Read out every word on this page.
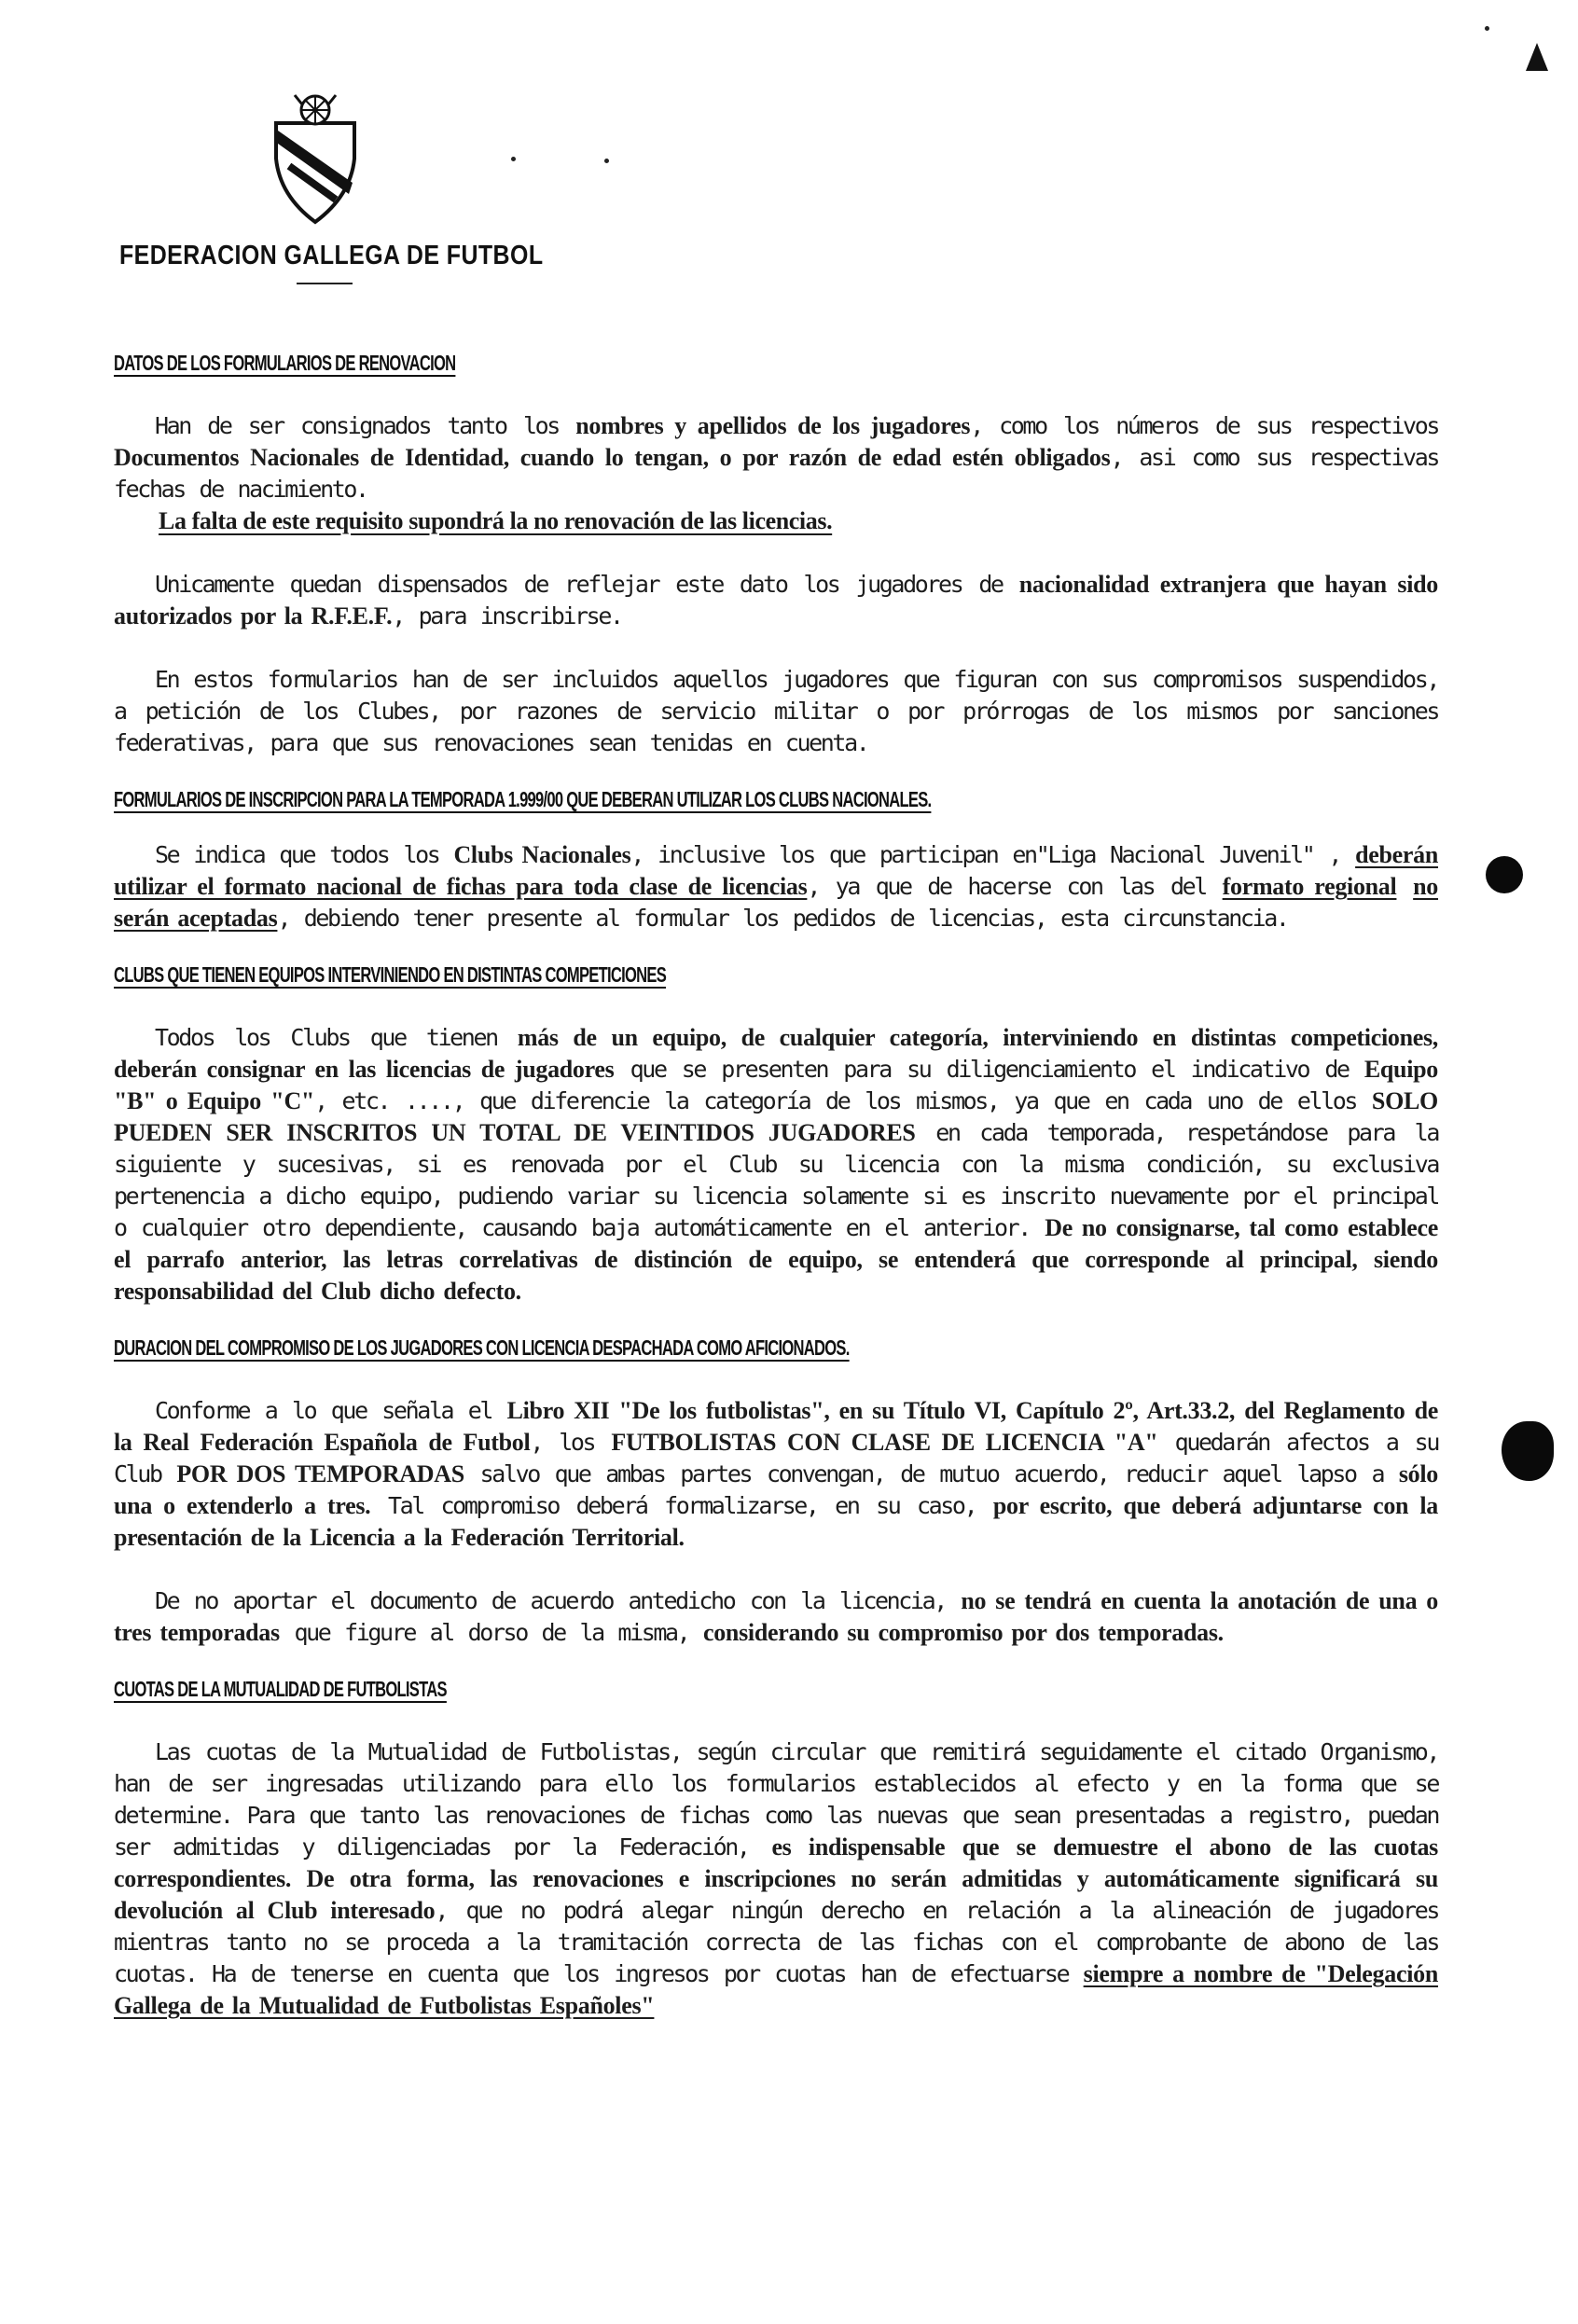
FEDERACION GALLEGA DE FUTBOL
DATOS DE LOS FORMULARIOS DE RENOVACION

Han de ser consignados tanto los nombres y apellidos de los jugadores, como los números de sus respectivos Documentos Nacionales de Identidad, cuando lo tengan, o por razón de edad estén obligados, asi como sus respectivas fechas de nacimiento.

La falta de este requisito supondrá la no renovación de las licencias.

Unicamente quedan dispensados de reflejar este dato los jugadores de nacionalidad extranjera que hayan sido autorizados por la R.F.E.F., para inscribirse.

En estos formularios han de ser incluidos aquellos jugadores que figuran con sus compromisos suspendidos, a petición de los Clubes, por razones de servicio militar o por prórrogas de los mismos por sanciones federativas, para que sus renovaciones sean tenidas en cuenta.

FORMULARIOS DE INSCRIPCION PARA LA TEMPORADA 1.999/00 QUE DEBERAN UTILIZAR LOS CLUBS NACIONALES.

Se indica que todos los Clubs Nacionales, inclusive los que participan en"Liga Nacional Juvenil" , deberán utilizar el formato nacional de fichas para toda clase de licencias, ya que de hacerse con las del formato regional no serán aceptadas, debiendo tener presente al formular los pedidos de licencias, esta circunstancia.

CLUBS QUE TIENEN EQUIPOS INTERVINIENDO EN DISTINTAS COMPETICIONES

Todos los Clubs que tienen más de un equipo, de cualquier categoría, interviniendo en distintas competiciones, deberán consignar en las licencias de jugadores que se presenten para su diligenciamiento el indicativo de Equipo "B" o Equipo "C", etc. ...., que diferencie la categoría de los mismos, ya que en cada uno de ellos SOLO PUEDEN SER INSCRITOS UN TOTAL DE VEINTIDOS JUGADORES en cada temporada, respetándose para la siguiente y sucesivas, si es renovada por el Club su licencia con la misma condición, su exclusiva pertenencia a dicho equipo, pudiendo variar su licencia solamente si es inscrito nuevamente por el principal o cualquier otro dependiente, causando baja automáticamente en el anterior. De no consignarse, tal como establece el parrafo anterior, las letras correlativas de distinción de equipo, se entenderá que corresponde al principal, siendo responsabilidad del Club dicho defecto.

DURACION DEL COMPROMISO DE LOS JUGADORES CON LICENCIA DESPACHADA COMO AFICIONADOS.

Conforme a lo que señala el Libro XII "De los futbolistas", en su Título VI, Capítulo 2º, Art.33.2, del Reglamento de la Real Federación Española de Futbol, los FUTBOLISTAS CON CLASE DE LICENCIA "A" quedarán afectos a su Club POR DOS TEMPORADAS salvo que ambas partes convengan, de mutuo acuerdo, reducir aquel lapso a sólo una o extenderlo a tres. Tal compromiso deberá formalizarse, en su caso, por escrito, que deberá adjuntarse con la presentación de la Licencia a la Federación Territorial.

De no aportar el documento de acuerdo antedicho con la licencia, no se tendrá en cuenta la anotación de una o tres temporadas que figure al dorso de la misma, considerando su compromiso por dos temporadas.

CUOTAS DE LA MUTUALIDAD DE FUTBOLISTAS

Las cuotas de la Mutualidad de Futbolistas, según circular que remitirá seguidamente el citado Organismo, han de ser ingresadas utilizando para ello los formularios establecidos al efecto y en la forma que se determine. Para que tanto las renovaciones de fichas como las nuevas que sean presentadas a registro, puedan ser admitidas y diligenciadas por la Federación, es indispensable que se demuestre el abono de las cuotas correspondientes. De otra forma, las renovaciones e inscripciones no serán admitidas y automáticamente significará su devolución al Club interesado, que no podrá alegar ningún derecho en relación a la alineación de jugadores mientras tanto no se proceda a la tramitación correcta de las fichas con el comprobante de abono de las cuotas. Ha de tenerse en cuenta que los ingresos por cuotas han de efectuarse siempre a nombre de "Delegación Gallega de la Mutualidad de Futbolistas Españoles"
